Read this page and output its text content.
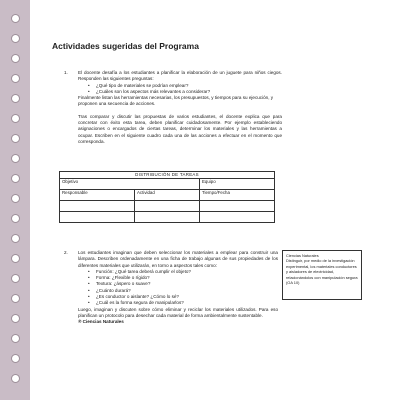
Actividades sugeridas del Programa
1. El docente desafía a los estudiantes a planificar la elaboración de un juguete para niños ciegos. Responden las siguientes preguntas:

• ¿Qué tipo de materiales se podrían emplear?
• ¿Cuáles son los aspectos más relevantes a considerar?

Finalmente listan las herramientas necesarias, los presupuestos, y tiempos para su ejecución, y proponen una secuencia de acciones.

Tras comparar y discutir las propuestas de varios estudiantes, el docente explica que para concretar con éxito esta tarea, deben planificar cuidadosamente. Por ejemplo estableciendo asignaciones o encargados de ciertas tareas, determinar los materiales y las herramientas a ocupar. Escriben en el siguiente cuadro cada una de las acciones a efectuar en el momento que corresponda.

DISTRIBUCIÓN DE TAREAS		
Objetivo		Equipo
Responsable	Actividad	Tiempo/Fecha

2. Los estudiantes imaginan que deben seleccionar los materiales a emplear para construir una lámpara. Describen ordenadamente en una ficha de trabajo algunas de sus propiedades de los diferentes materiales que utilizarán, en torno a aspectos tales como:

• Función: ¿Qué tarea deberá cumplir el objeto?
• Forma: ¿Flexible o rígido?
• Textura: ¿áspero o suave?
• ¿Cuánto durará?
• ¿Es conductor o aislante? ¿Cómo lo sé?
• ¿Cuál es la forma segura de manipularlos?

Luego, imaginan y discuten sobre cómo eliminar y reciclar los materiales utilizados. Para eso planifican un protocolo para desechar cada material de forma ambientalmente sustentable.

® Ciencias Naturales

Ciencias Naturales
Distinguir, por medio de la investigación experimental, los materiales conductores y aisladores de electricidad, relacionándolos con manipulación segura (OA 10)
